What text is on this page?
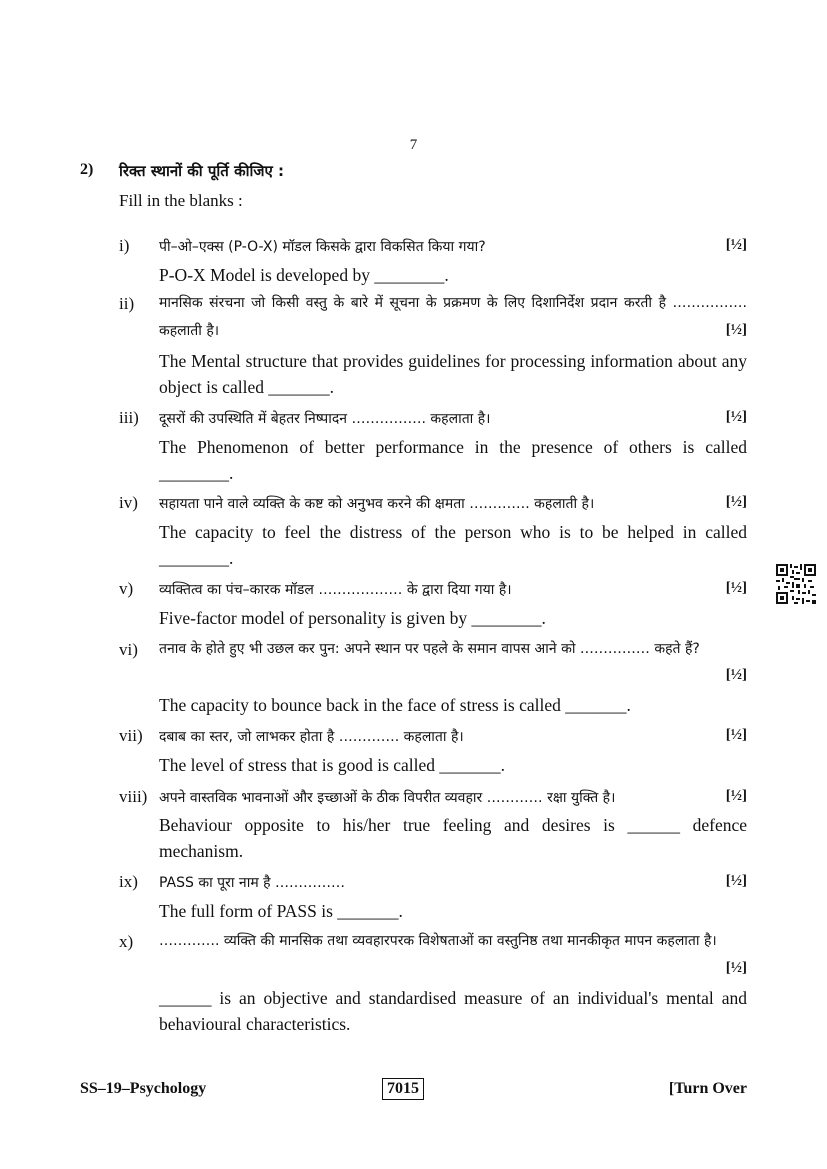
7
2) रिक्त स्थानों की पूर्ति कीजिए :
Fill in the blanks :
i) पी–ओ–एक्स (P-O-X) मॉडल किसके द्वारा विकसित किया गया?	[½]
P-O-X Model is developed by ________.
ii) मानसिक संरचना जो किसी वस्तु के बारे में सूचना के प्रक्रमण के लिए दिशानिर्देश प्रदान करती है ……………. कहलाती है।	[½]
The Mental structure that provides guidelines for processing information about any object is called _______.
iii) दूसरों की उपस्थिति में बेहतर निष्पादन ……………. कहलाता है।	[½]
The Phenomenon of better performance in the presence of others is called ________.
iv) सहायता पाने वाले व्यक्ति के कष्ट को अनुभव करने की क्षमता …………. कहलाती है।	[½]
The capacity to feel the distress of the person who is to be helped in called ________.
v) व्यक्तित्व का पंच–कारक मॉडल ……………… के द्वारा दिया गया है।	[½]
Five-factor model of personality is given by ________.
vi) तनाव के होते हुए भी उछल कर पुन: अपने स्थान पर पहले के समान वापस आने को …………… कहते हैं?
[½]
The capacity to bounce back in the face of stress is called _______.
vii) दबाब का स्तर, जो लाभकर होता है …………. कहलाता है।	[½]
The level of stress that is good is called _______.
viii) अपने वास्तविक भावनाओं और इच्छाओं के ठीक विपरीत व्यवहार ………… रक्षा युक्ति है।	[½]
Behaviour opposite to his/her true feeling and desires is ______ defence mechanism.
ix) PASS का पूरा नाम है ……………	[½]
The full form of PASS is _______.
x) …………. व्यक्ति की मानसिक तथा व्यवहारपरक विशेषताओं का वस्तुनिष्ठ तथा मानकीकृत मापन कहलाता है।
[½]
______ is an objective and standardised measure of an individual's mental and behavioural characteristics.
SS–19–Psychology	7015	[Turn Over
